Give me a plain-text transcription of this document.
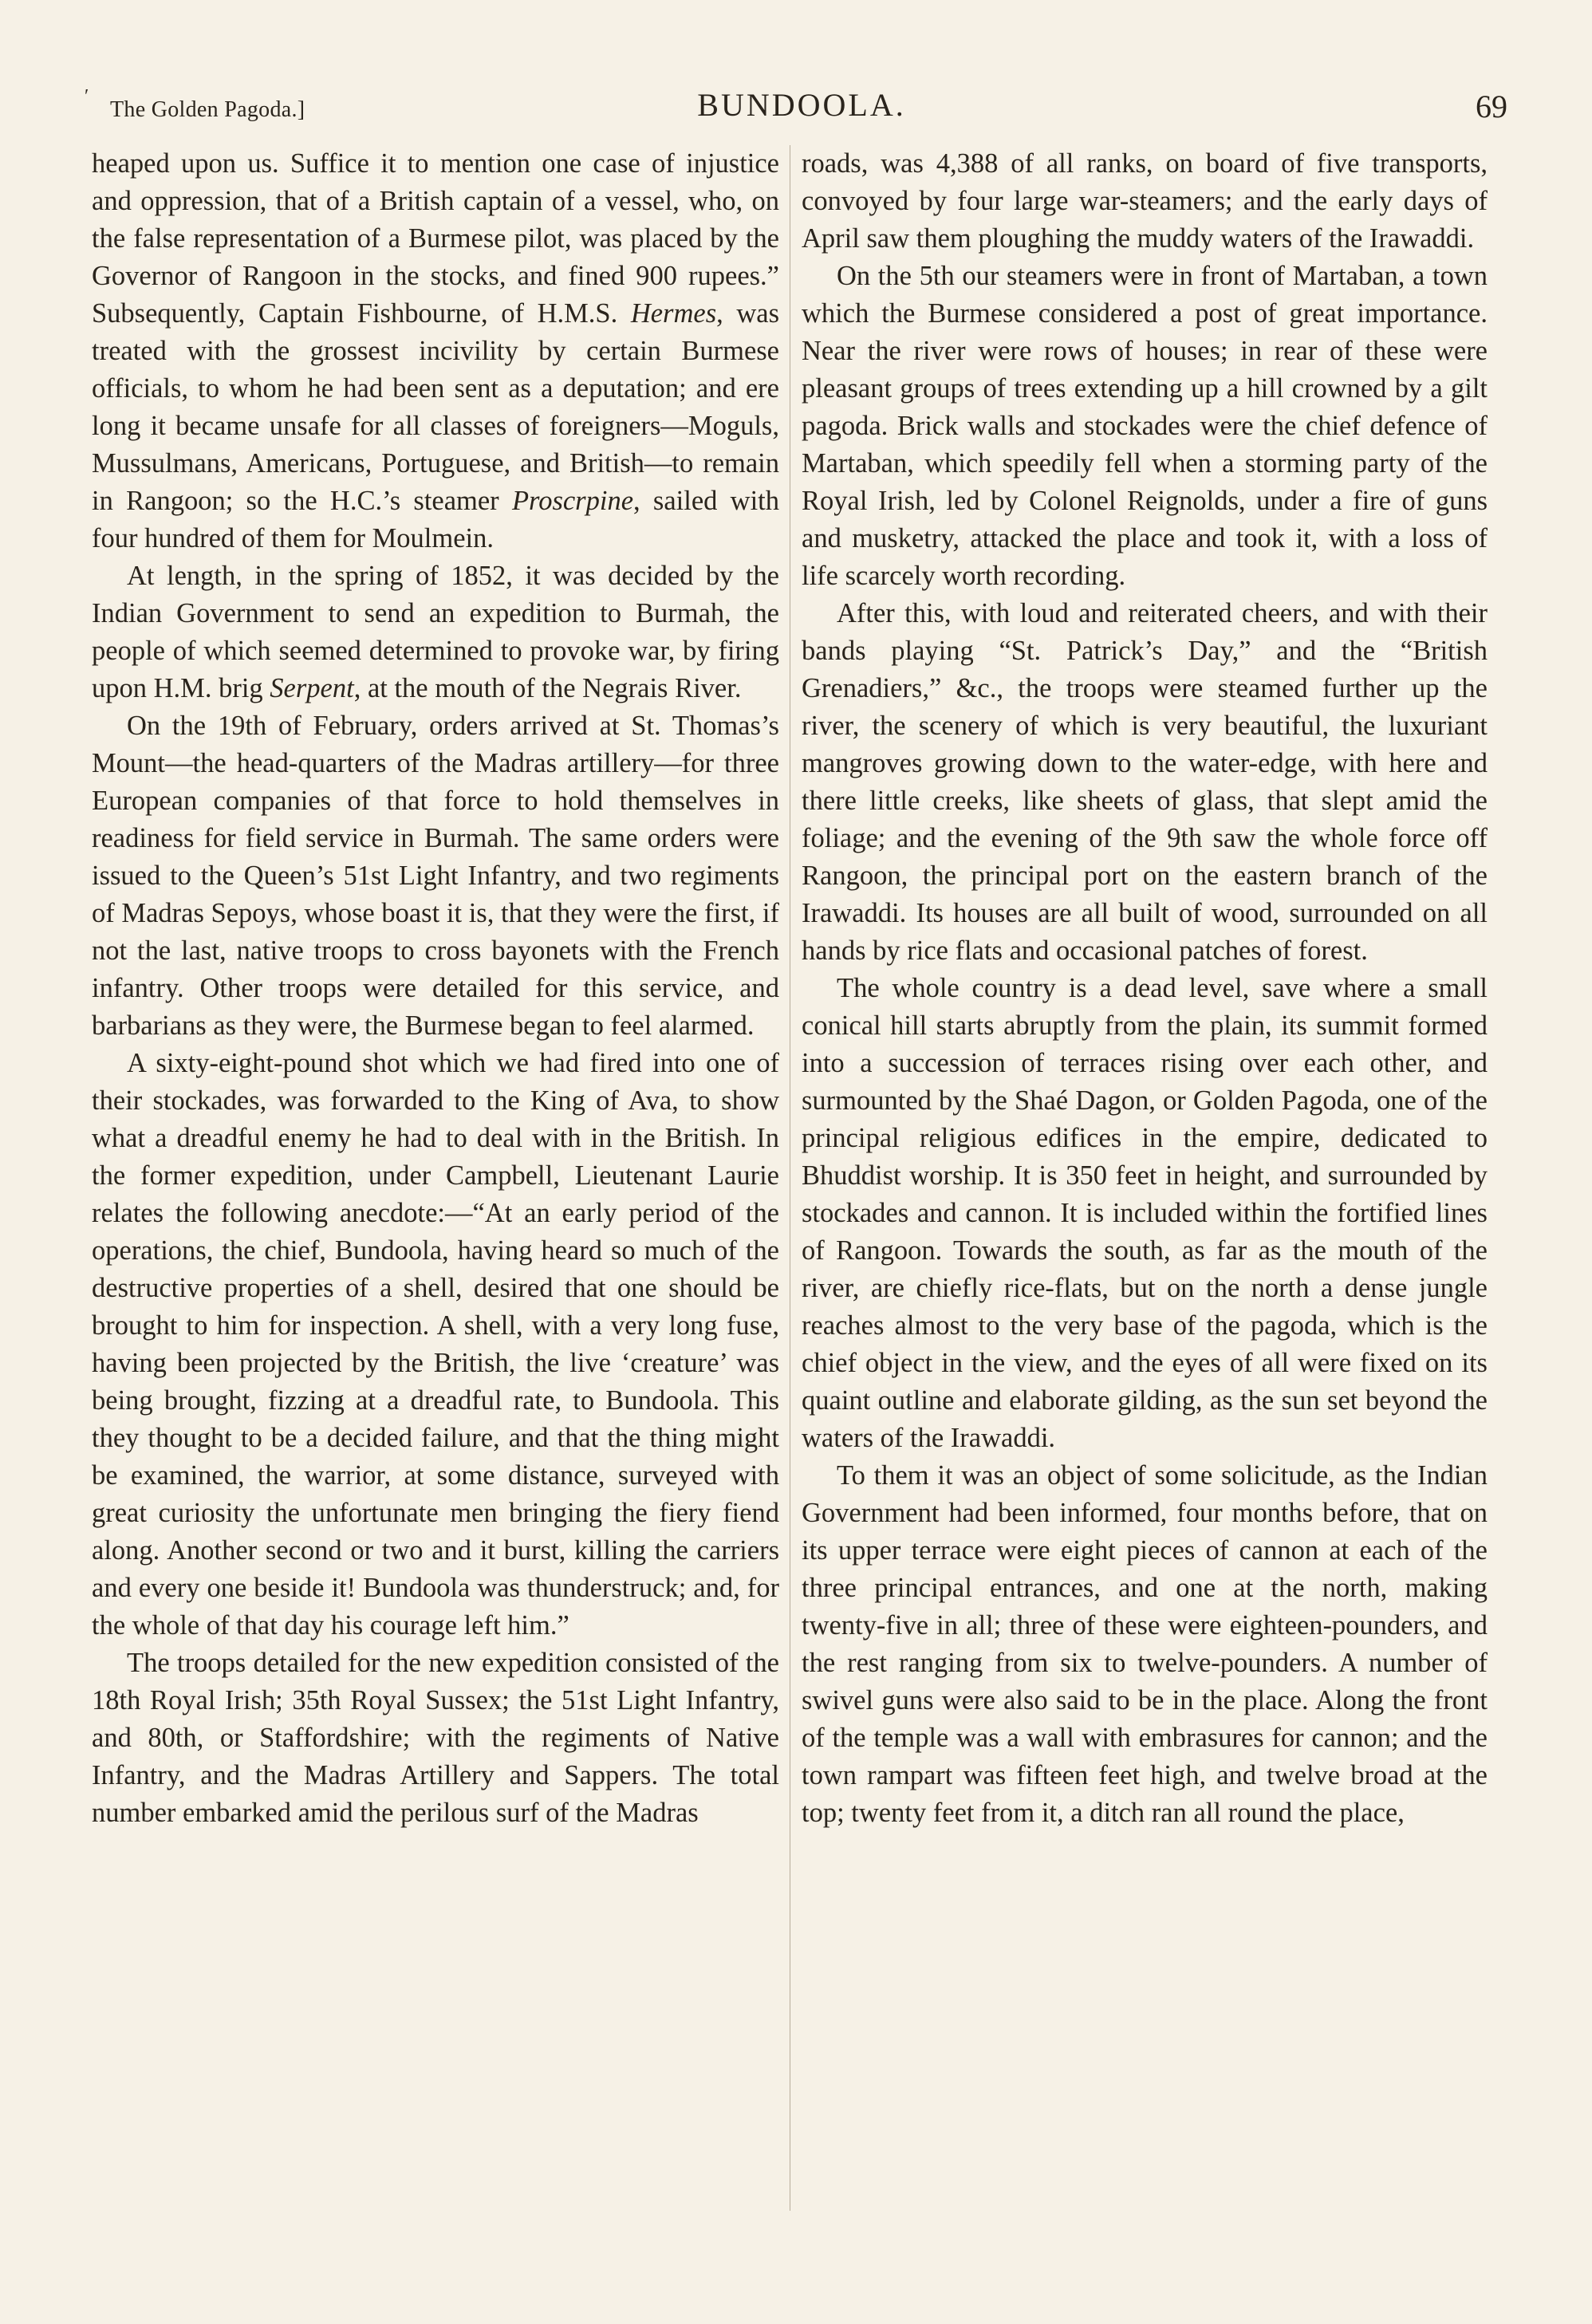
′
The Golden Pagoda.]	BUNDOOLA.	69

heaped upon us. Suffice it to mention one case of injustice and oppression, that of a British captain of a vessel, who, on the false representation of a Burmese pilot, was placed by the Governor of Rangoon in the stocks, and fined 900 rupees.” Subsequently, Captain Fishbourne, of H.M.S. Hermes, was treated with the grossest incivility by certain Burmese officials, to whom he had been sent as a deputation; and ere long it became unsafe for all classes of foreigners—Moguls, Mussulmans, Americans, Portuguese, and British—to remain in Rangoon; so the H.C.’s steamer Proscrpine, sailed with four hundred of them for Moulmein.

At length, in the spring of 1852, it was decided by the Indian Government to send an expedition to Burmah, the people of which seemed determined to provoke war, by firing upon H.M. brig Serpent, at the mouth of the Negrais River.

On the 19th of February, orders arrived at St. Thomas’s Mount—the head-quarters of the Madras artillery—for three European companies of that force to hold themselves in readiness for field service in Burmah. The same orders were issued to the Queen’s 51st Light Infantry, and two regiments of Madras Sepoys, whose boast it is, that they were the first, if not the last, native troops to cross bayonets with the French infantry. Other troops were detailed for this service, and barbarians as they were, the Burmese began to feel alarmed.

A sixty-eight-pound shot which we had fired into one of their stockades, was forwarded to the King of Ava, to show what a dreadful enemy he had to deal with in the British. In the former expedition, under Campbell, Lieutenant Laurie relates the following anecdote:—“At an early period of the operations, the chief, Bundoola, having heard so much of the destructive properties of a shell, desired that one should be brought to him for inspection. A shell, with a very long fuse, having been projected by the British, the live ‘creature’ was being brought, fizzing at a dreadful rate, to Bundoola. This they thought to be a decided failure, and that the thing might be examined, the warrior, at some distance, surveyed with great curiosity the unfortunate men bringing the fiery fiend along. Another second or two and it burst, killing the carriers and every one beside it! Bundoola was thunderstruck; and, for the whole of that day his courage left him.”

The troops detailed for the new expedition consisted of the 18th Royal Irish; 35th Royal Sussex; the 51st Light Infantry, and 80th, or Staffordshire; with the regiments of Native Infantry, and the Madras Artillery and Sappers. The total number embarked amid the perilous surf of the Madras

roads, was 4,388 of all ranks, on board of five transports, convoyed by four large war-steamers; and the early days of April saw them ploughing the muddy waters of the Irawaddi.

On the 5th our steamers were in front of Martaban, a town which the Burmese considered a post of great importance. Near the river were rows of houses; in rear of these were pleasant groups of trees extending up a hill crowned by a gilt pagoda. Brick walls and stockades were the chief defence of Martaban, which speedily fell when a storming party of the Royal Irish, led by Colonel Reignolds, under a fire of guns and musketry, attacked the place and took it, with a loss of life scarcely worth recording.

After this, with loud and reiterated cheers, and with their bands playing “St. Patrick’s Day,” and the “British Grenadiers,” &c., the troops were steamed further up the river, the scenery of which is very beautiful, the luxuriant mangroves growing down to the water-edge, with here and there little creeks, like sheets of glass, that slept amid the foliage; and the evening of the 9th saw the whole force off Rangoon, the principal port on the eastern branch of the Irawaddi. Its houses are all built of wood, surrounded on all hands by rice flats and occasional patches of forest.

The whole country is a dead level, save where a small conical hill starts abruptly from the plain, its summit formed into a succession of terraces rising over each other, and surmounted by the Shaé Dagon, or Golden Pagoda, one of the principal religious edifices in the empire, dedicated to Bhuddist worship. It is 350 feet in height, and surrounded by stockades and cannon. It is included within the fortified lines of Rangoon. Towards the south, as far as the mouth of the river, are chiefly rice-flats, but on the north a dense jungle reaches almost to the very base of the pagoda, which is the chief object in the view, and the eyes of all were fixed on its quaint outline and elaborate gilding, as the sun set beyond the waters of the Irawaddi.

To them it was an object of some solicitude, as the Indian Government had been informed, four months before, that on its upper terrace were eight pieces of cannon at each of the three principal entrances, and one at the north, making twenty-five in all; three of these were eighteen-pounders, and the rest ranging from six to twelve-pounders. A number of swivel guns were also said to be in the place. Along the front of the temple was a wall with embrasures for cannon; and the town rampart was fifteen feet high, and twelve broad at the top; twenty feet from it, a ditch ran all round the place,
